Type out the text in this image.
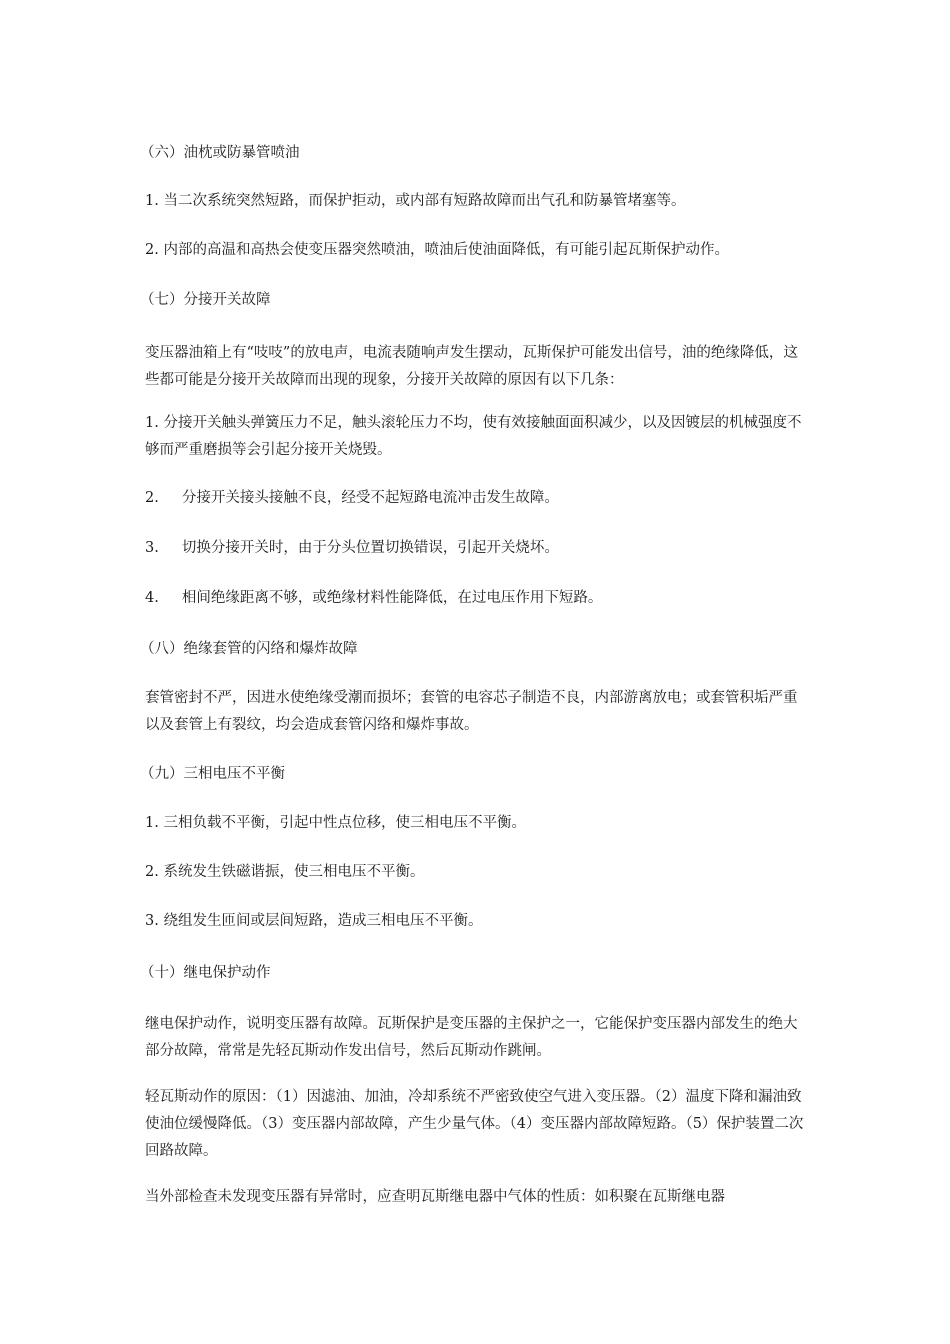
（六）油枕或防暴管喷油
1. 当二次系统突然短路，而保护拒动，或内部有短路故障而出气孔和防暴管堵塞等。
2. 内部的高温和高热会使变压器突然喷油，喷油后使油面降低，有可能引起瓦斯保护动作。
（七）分接开关故障
变压器油箱上有“吱吱”的放电声，电流表随响声发生摆动，瓦斯保护可能发出信号，油的绝缘降低，这些都可能是分接开关故障而出现的现象，分接开关故障的原因有以下几条：
1. 分接开关触头弹簧压力不足，触头滚轮压力不均，使有效接触面面积减少，以及因镀层的机械强度不够而严重磨损等会引起分接开关烧毁。
2.     分接开关接头接触不良，经受不起短路电流冲击发生故障。
3.     切换分接开关时，由于分头位置切换错误，引起开关烧坏。
4.     相间绝缘距离不够，或绝缘材料性能降低，在过电压作用下短路。
（八）绝缘套管的闪络和爆炸故障
套管密封不严，因进水使绝缘受潮而损坏；套管的电容芯子制造不良，内部游离放电；或套管积垢严重以及套管上有裂纹，均会造成套管闪络和爆炸事故。
（九）三相电压不平衡
1. 三相负载不平衡，引起中性点位移，使三相电压不平衡。
2. 系统发生铁磁谐振，使三相电压不平衡。
3. 绕组发生匝间或层间短路，造成三相电压不平衡。
（十）继电保护动作
继电保护动作，说明变压器有故障。瓦斯保护是变压器的主保护之一，它能保护变压器内部发生的绝大部分故障，常常是先轻瓦斯动作发出信号，然后瓦斯动作跳闸。
轻瓦斯动作的原因：（1）因滤油、加油，冷却系统不严密致使空气进入变压器。（2）温度下降和漏油致使油位缓慢降低。（3）变压器内部故障，产生少量气体。（4）变压器内部故障短路。（5）保护装置二次回路故障。
当外部检查未发现变压器有异常时，应查明瓦斯继电器中气体的性质：如积聚在瓦斯继电器
